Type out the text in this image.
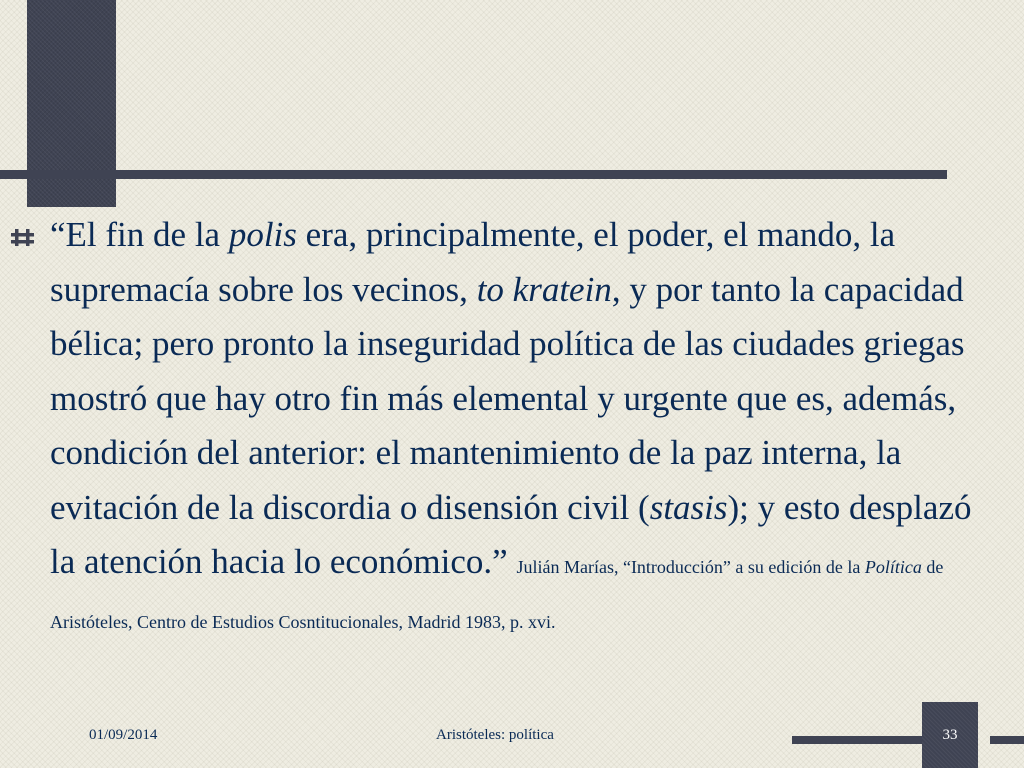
“El fin de la polis era, principalmente, el poder, el mando, la supremacía sobre los vecinos, to kratein, y por tanto la capacidad bélica; pero pronto la inseguridad política de las ciudades griegas mostró que hay otro fin más elemental y urgente que es, además, condición del anterior: el mantenimiento de la paz interna, la evitación de la discordia o disensión civil (stasis); y esto desplazó la atención hacia lo económico.” Julián Marías, “Introducción” a su edición de la Política de Aristóteles, Centro de Estudios Cosntitucionales, Madrid 1983, p. xvi.

01/09/2014	Aristóteles: política	33
